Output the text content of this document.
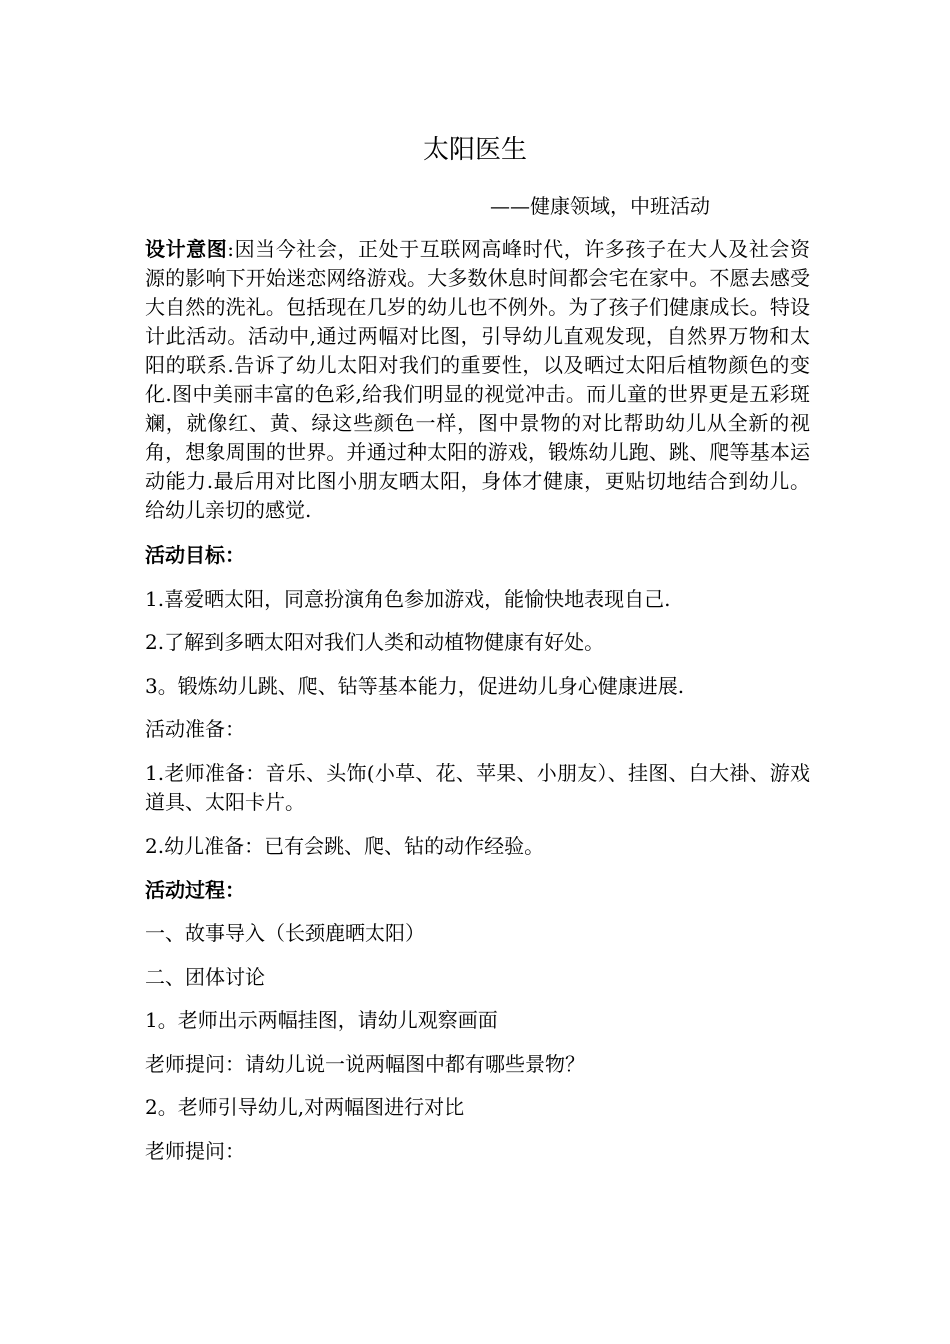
太阳医生

——健康领域，中班活动

设计意图:因当今社会，正处于互联网高峰时代，许多孩子在大人及社会资源的影响下开始迷恋网络游戏。大多数休息时间都会宅在家中。不愿去感受大自然的洗礼。包括现在几岁的幼儿也不例外。为了孩子们健康成长。特设计此活动。活动中,通过两幅对比图，引导幼儿直观发现，自然界万物和太阳的联系.告诉了幼儿太阳对我们的重要性，以及晒过太阳后植物颜色的变化.图中美丽丰富的色彩,给我们明显的视觉冲击。而儿童的世界更是五彩斑斓，就像红、黄、绿这些颜色一样，图中景物的对比帮助幼儿从全新的视角，想象周围的世界。并通过种太阳的游戏，锻炼幼儿跑、跳、爬等基本运动能力.最后用对比图小朋友晒太阳，身体才健康，更贴切地结合到幼儿。给幼儿亲切的感觉.

活动目标：

1.喜爱晒太阳，同意扮演角色参加游戏，能愉快地表现自己.

2.了解到多晒太阳对我们人类和动植物健康有好处。

3。锻炼幼儿跳、爬、钻等基本能力，促进幼儿身心健康进展.

活动准备：

1.老师准备：音乐、头饰(小草、花、苹果、小朋友）、挂图、白大褂、游戏道具、太阳卡片。

2.幼儿准备：已有会跳、爬、钻的动作经验。

活动过程：

一、故事导入（长颈鹿晒太阳）

二、团体讨论

1。老师出示两幅挂图，请幼儿观察画面

老师提问：请幼儿说一说两幅图中都有哪些景物？

2。老师引导幼儿,对两幅图进行对比

老师提问：
